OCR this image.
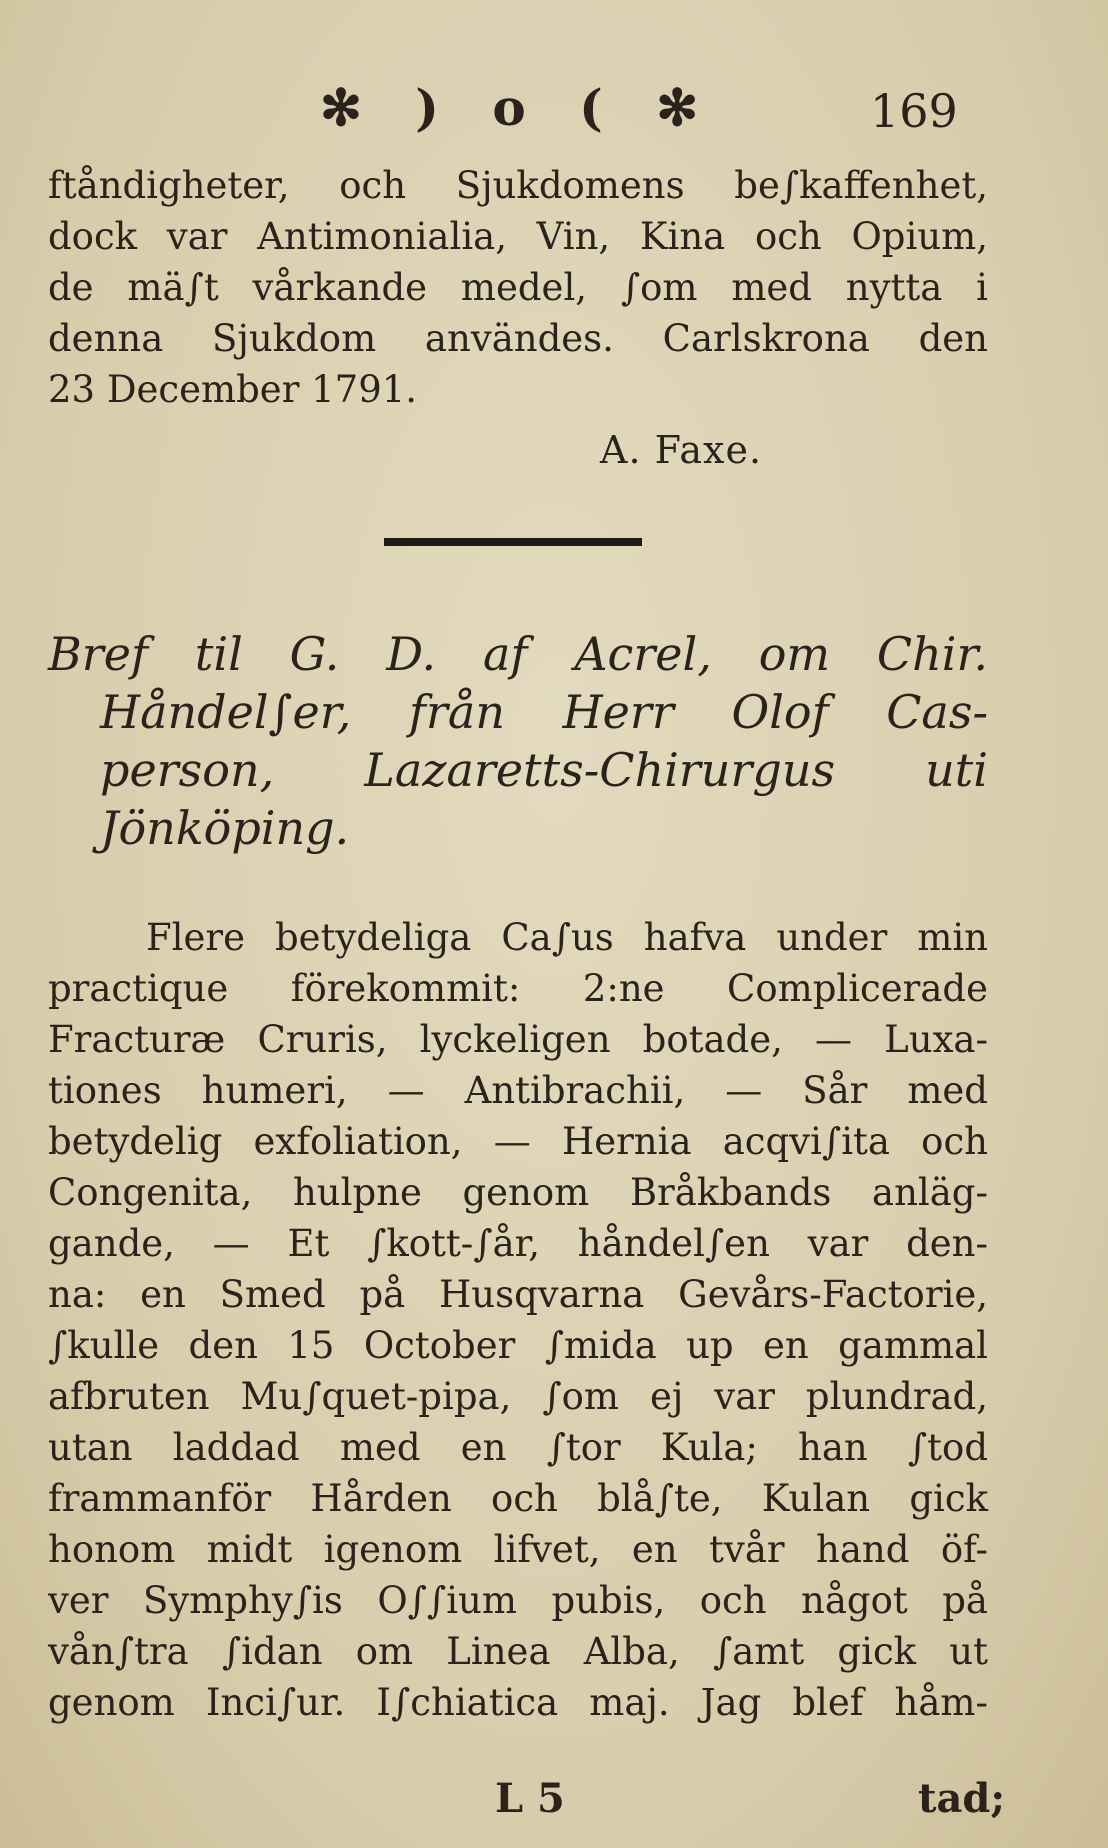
✻ ) o ( ✻	169
ftåndigheter, och Sjukdomens be∫kaffenhet,
dock var Antimonialia, Vin, Kina och Opium,
de mä∫t vårkande medel, ∫om med nytta i
denna Sjukdom användes. Carlskrona den
23 December 1791.
A. Faxe.
Bref til G. D. af Acrel, om Chir.
Håndel∫er, från Herr Olof Cas-
person, Lazaretts-Chirurgus uti
Jönköping.
Flere betydeliga Ca∫us hafva under min
practique förekommit: 2:ne Complicerade
Fracturæ Cruris, lyckeligen botade, — Luxa-
tiones humeri, — Antibrachii, — Sår med
betydelig exfoliation, — Hernia acqvi∫ita och
Congenita, hulpne genom Bråkbands anläg-
gande, — Et ∫kott-∫år, håndel∫en var den-
na: en Smed på Husqvarna Gevårs-Factorie,
∫kulle den 15 October ∫mida up en gammal
afbruten Mu∫quet-pipa, ∫om ej var plundrad,
utan laddad med en ∫tor Kula; han ∫tod
frammanför Hården och blå∫te, Kulan gick
honom midt igenom lifvet, en tvår hand öf-
ver Symphy∫is O∫∫ium pubis, och något på
vån∫tra ∫idan om Linea Alba, ∫amt gick ut
genom Inci∫ur. I∫chiatica maj. Jag blef håm-
L 5	tad;
